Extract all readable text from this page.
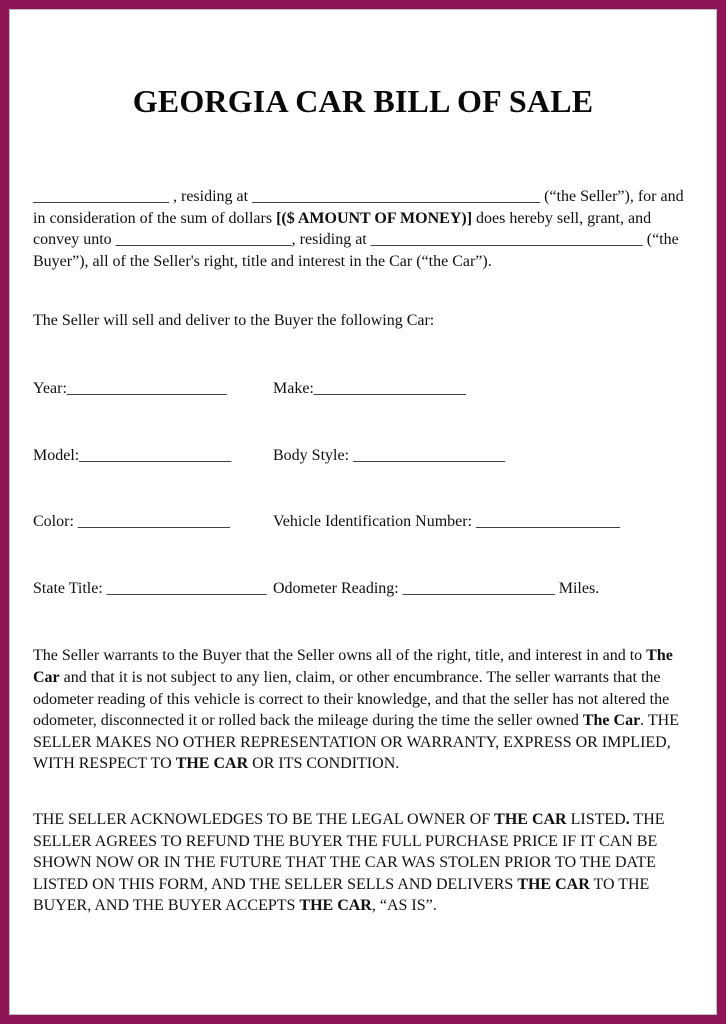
GEORGIA CAR BILL OF SALE

_________________ , residing at ____________________________________ (“the Seller”), for and in consideration of the sum of dollars [($ AMOUNT OF MONEY)] does hereby sell, grant, and convey unto ______________________, residing at __________________________________ (“the Buyer”), all of the Seller's right, title and interest in the Car (“the Car”).

The Seller will sell and deliver to the Buyer the following Car:

Year:____________________	Make:___________________
Model:___________________	Body Style: ___________________
Color: ___________________	Vehicle Identification Number: __________________
State Title: ____________________ Odometer Reading: ___________________ Miles.

The Seller warrants to the Buyer that the Seller owns all of the right, title, and interest in and to The Car and that it is not subject to any lien, claim, or other encumbrance. The seller warrants that the odometer reading of this vehicle is correct to their knowledge, and that the seller has not altered the odometer, disconnected it or rolled back the mileage during the time the seller owned The Car. THE SELLER MAKES NO OTHER REPRESENTATION OR WARRANTY, EXPRESS OR IMPLIED, WITH RESPECT TO THE CAR OR ITS CONDITION.

THE SELLER ACKNOWLEDGES TO BE THE LEGAL OWNER OF THE CAR LISTED. THE SELLER AGREES TO REFUND THE BUYER THE FULL PURCHASE PRICE IF IT CAN BE SHOWN NOW OR IN THE FUTURE THAT THE CAR WAS STOLEN PRIOR TO THE DATE LISTED ON THIS FORM, AND THE SELLER SELLS AND DELIVERS THE CAR TO THE BUYER, AND THE BUYER ACCEPTS THE CAR, “AS IS”.
